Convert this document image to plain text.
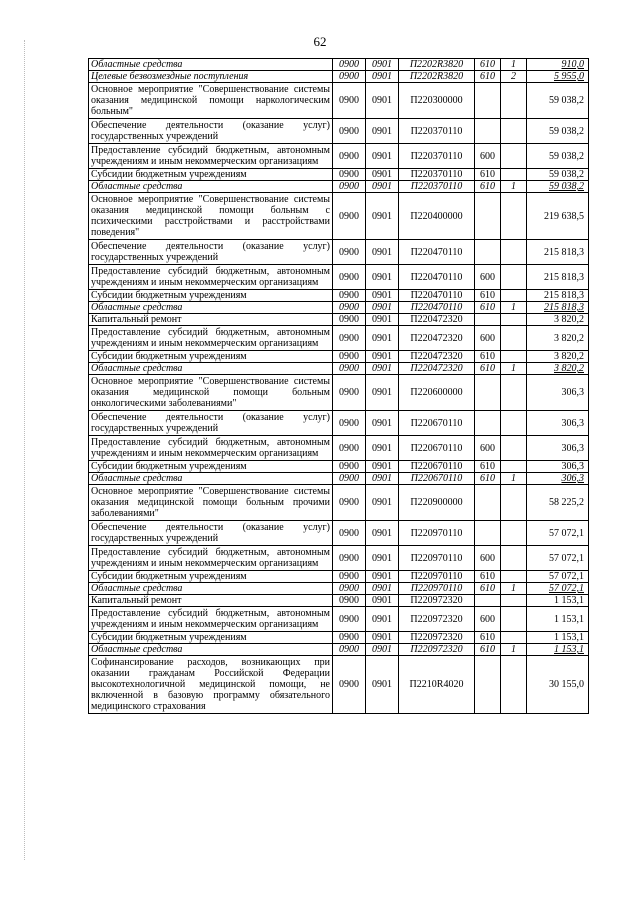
62
Областные средства	0900	0901	П2202R3820	610	1	910,0
Целевые безвозмездные поступления	0900	0901	П2202R3820	610	2	5 955,0
Основное мероприятие "Совершенствование системы оказания медицинской помощи наркологическим больным"	0900	0901	П220300000			59 038,2
Обеспечение деятельности (оказание услуг) государственных учреждений	0900	0901	П220370110			59 038,2
Предоставление субсидий бюджетным, автономным учреждениям и иным некоммерческим организациям	0900	0901	П220370110	600		59 038,2
Субсидии бюджетным учреждениям	0900	0901	П220370110	610		59 038,2
Областные средства	0900	0901	П220370110	610	1	59 038,2
Основное мероприятие "Совершенствование системы оказания медицинской помощи больным с психическими расстройствами и расстройствами поведения"	0900	0901	П220400000			219 638,5
Обеспечение деятельности (оказание услуг) государственных учреждений	0900	0901	П220470110			215 818,3
Предоставление субсидий бюджетным, автономным учреждениям и иным некоммерческим организациям	0900	0901	П220470110	600		215 818,3
Субсидии бюджетным учреждениям	0900	0901	П220470110	610		215 818,3
Областные средства	0900	0901	П220470110	610	1	215 818,3
Капитальный ремонт	0900	0901	П220472320			3 820,2
Предоставление субсидий бюджетным, автономным учреждениям и иным некоммерческим организациям	0900	0901	П220472320	600		3 820,2
Субсидии бюджетным учреждениям	0900	0901	П220472320	610		3 820,2
Областные средства	0900	0901	П220472320	610	1	3 820,2
Основное мероприятие "Совершенствование системы оказания медицинской помощи больным онкологическими заболеваниями"	0900	0901	П220600000			306,3
Обеспечение деятельности (оказание услуг) государственных учреждений	0900	0901	П220670110			306,3
Предоставление субсидий бюджетным, автономным учреждениям и иным некоммерческим организациям	0900	0901	П220670110	600		306,3
Субсидии бюджетным учреждениям	0900	0901	П220670110	610		306,3
Областные средства	0900	0901	П220670110	610	1	306,3
Основное мероприятие "Совершенствование системы оказания медицинской помощи больным прочими заболеваниями"	0900	0901	П220900000			58 225,2
Обеспечение деятельности (оказание услуг) государственных учреждений	0900	0901	П220970110			57 072,1
Предоставление субсидий бюджетным, автономным учреждениям и иным некоммерческим организациям	0900	0901	П220970110	600		57 072,1
Субсидии бюджетным учреждениям	0900	0901	П220970110	610		57 072,1
Областные средства	0900	0901	П220970110	610	1	57 072,1
Капитальный ремонт	0900	0901	П220972320			1 153,1
Предоставление субсидий бюджетным, автономным учреждениям и иным некоммерческим организациям	0900	0901	П220972320	600		1 153,1
Субсидии бюджетным учреждениям	0900	0901	П220972320	610		1 153,1
Областные средства	0900	0901	П220972320	610	1	1 153,1
Софинансирование расходов, возникающих при оказании гражданам Российской Федерации высокотехнологичной медицинской помощи, не включенной в базовую программу обязательного медицинского страхования	0900	0901	П2210R4020			30 155,0
